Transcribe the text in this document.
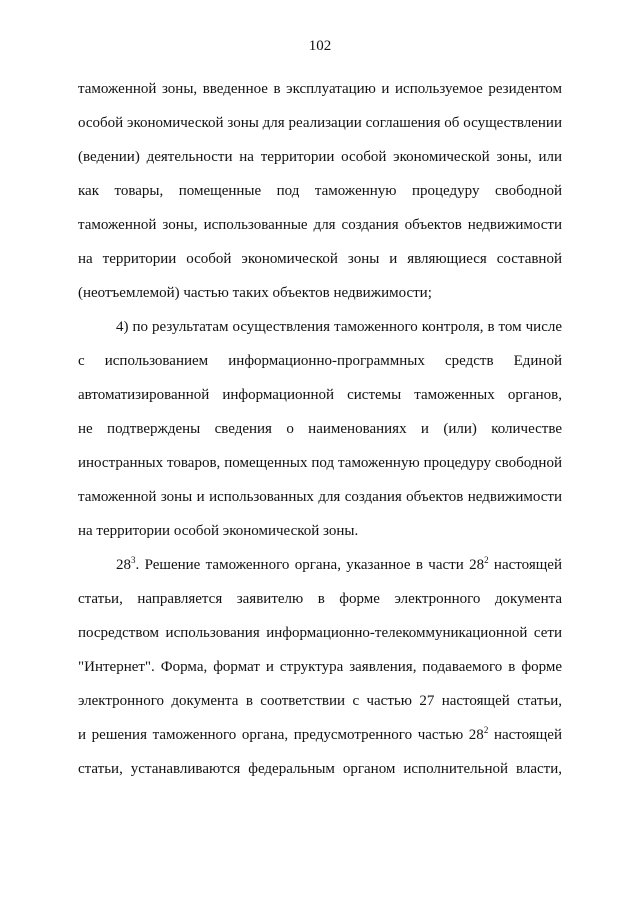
102
таможенной зоны, введенное в эксплуатацию и используемое резидентом
особой экономической зоны для реализации соглашения об осуществлении
(ведении) деятельности на территории особой экономической зоны, или
как товары, помещенные под таможенную процедуру свободной
таможенной зоны, использованные для создания объектов недвижимости
на территории особой экономической зоны и являющиеся составной
(неотъемлемой) частью таких объектов недвижимости;
4) по результатам осуществления таможенного контроля, в том числе
с использованием информационно-программных средств Единой
автоматизированной информационной системы таможенных органов,
не подтверждены сведения о наименованиях и (или) количестве
иностранных товаров, помещенных под таможенную процедуру свободной
таможенной зоны и использованных для создания объектов недвижимости
на территории особой экономической зоны.
$28^3$. Решение таможенного органа, указанное в части $28^2$ настоящей
статьи, направляется заявителю в форме электронного документа
посредством использования информационно-телекоммуникационной сети
"Интернет". Форма, формат и структура заявления, подаваемого в форме
электронного документа в соответствии с частью 27 настоящей статьи,
и решения таможенного органа, предусмотренного частью $28^2$ настоящей
статьи, устанавливаются федеральным органом исполнительной власти,
